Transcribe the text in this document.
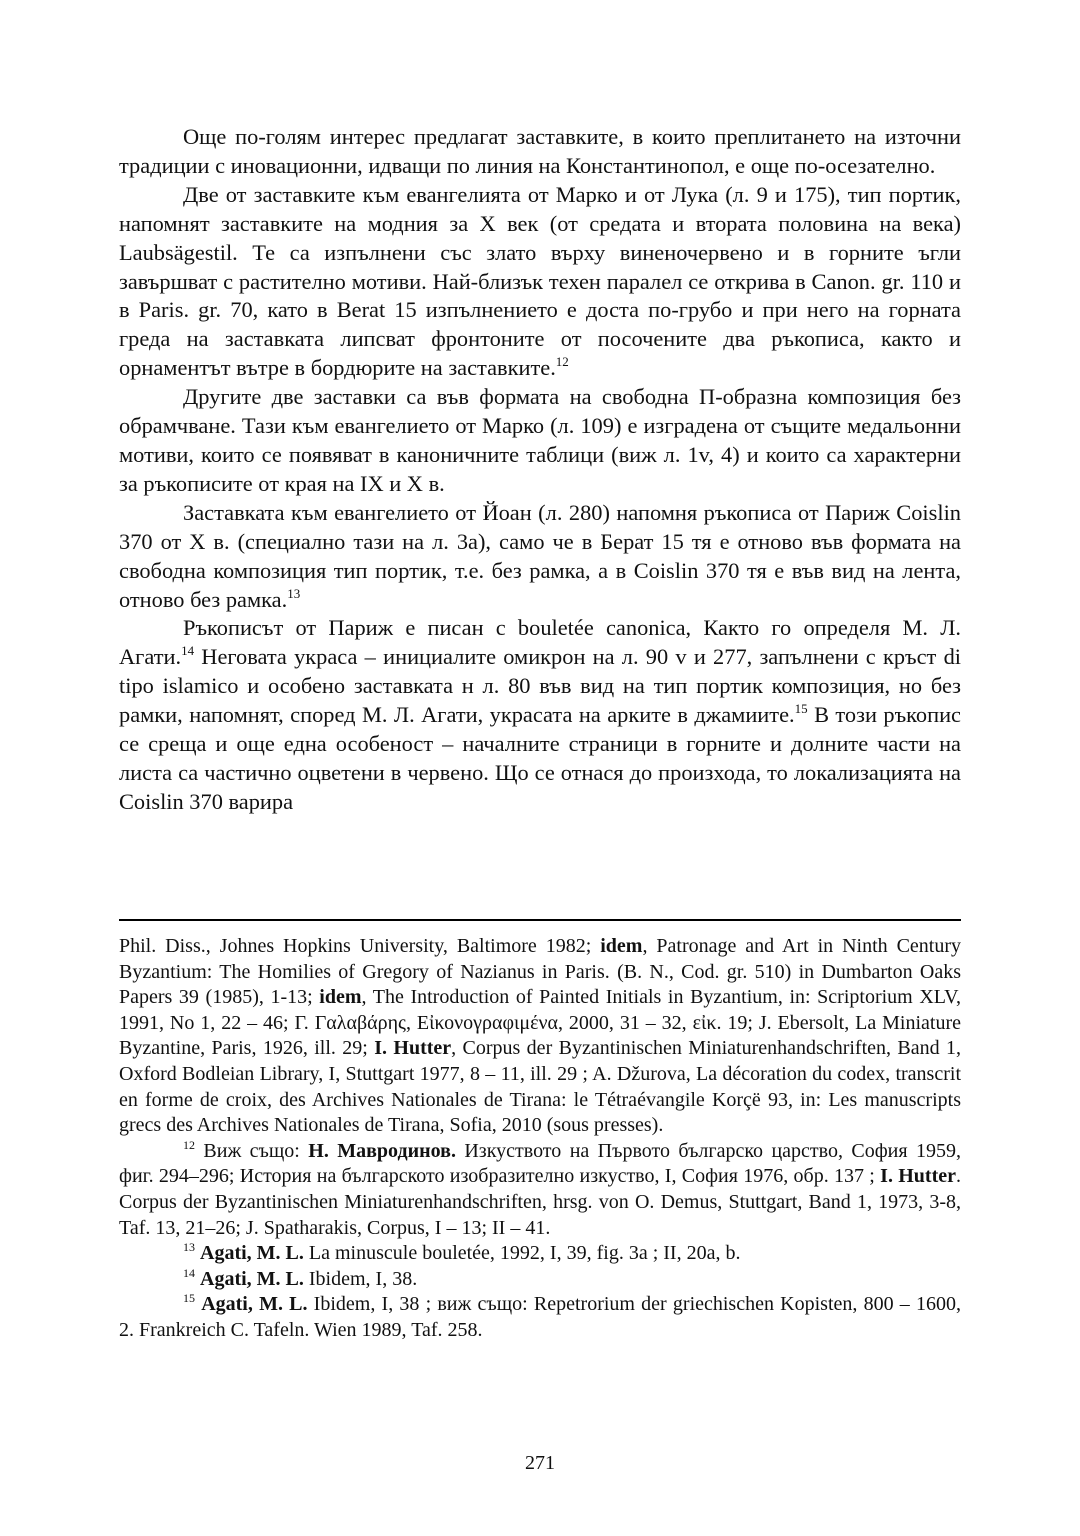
Още по-голям интерес предлагат заставките, в които преплитането на източни традиции с иновационни, идващи по линия на Константинопол, е още по-осезателно.

Две от заставките към евангелията от Марко и от Лука (л. 9 и 175), тип портик, напомнят заставките на модния за X век (от средата и втората половина на века) Laubsägestil. Те са изпълнени със злато върху виненочервено и в горните ъгли завършват с растително мотиви. Най-близък техен паралел се открива в Canon. gr. 110 и в Paris. gr. 70, като в Berat 15 изпълнението е доста по-грубо и при него на горната греда на заставката липсват фронтоните от посочените два ръкописа, както и орнаментът вътре в бордюрите на заставките.$^{12}$

Другите две заставки са във формата на свободна П-образна композиция без обрамчване. Тази към евангелието от Марко (л. 109) е изградена от същите медальонни мотиви, които се появяват в каноничните таблици (виж л. 1v, 4) и които са характерни за ръкописите от края на IX и X в.

Заставката към евангелието от Йоан (л. 280) напомня ръкописа от Париж Coislin 370 от X в. (специално тази на л. 3a), само че в Берат 15 тя е отново във формата на свободна композиция тип портик, т.е. без рамка, а в Coislin 370 тя е във вид на лента, отново без рамка.$^{13}$

Ръкописът от Париж е писан с bouletée canonica, Както го определя М. Л. Агати.$^{14}$ Неговата украса – инициалите омикрон на л. 90 v и 277, запълнени с кръст di tipo islamico и особено заставката н л. 80 във вид на тип портик композиция, но без рамки, напомнят, според М. Л. Агати, украсата на арките в джамиите.$^{15}$ В този ръкопис се среща и още една особеност – началните страници в горните и долните части на листа са частично оцветени в червено. Що се отнася до произхода, то локализацията на Coislin 370 варира

Phil. Diss., Johnes Hopkins University, Baltimore 1982; idem, Patronage and Art in Ninth Century Byzantium: The Homilies of Gregory of Nazianus in Paris. (B. N., Cod. gr. 510) in Dumbarton Oaks Papers 39 (1985), 1-13; idem, The Introduction of Painted Initials in Byzantium, in: Scriptorium XLV, 1991, No 1, 22 – 46; Г. Γαλαβάρης, Εἰκονογραφιμένα, 2000, 31 – 32, εἰκ. 19; J. Ebersolt, La Miniature Byzantine, Paris, 1926, ill. 29; I. Hutter, Corpus der Byzantinischen Miniaturenhandschriften, Band 1, Oxford Bodleian Library, I, Stuttgart 1977, 8 – 11, ill. 29 ; A. Džurova, La décoration du codex, transcrit en forme de croix, des Archives Nationales de Tirana: le Tétraévangile Korçë 93, in: Les manuscripts grecs des Archives Nationales de Tirana, Sofia, 2010 (sous presses).

$^{12}$ Виж също: Н. Мавродинов. Изкуството на Първото българско царство, София 1959, фиг. 294–296; История на българското изобразително изкуство, I, София 1976, обр. 137 ; I. Hutter. Corpus der Byzantinischen Miniaturenhandschriften, hrsg. von O. Demus, Stuttgart, Band 1, 1973, 3-8, Taf. 13, 21–26; J. Spatharakis, Corpus, I – 13; II – 41.

$^{13}$ Agati, M. L. La minuscule bouletée, 1992, I, 39, fig. 3a ; II, 20a, b.

$^{14}$ Agati, M. L. Ibidem, I, 38.

$^{15}$ Agati, M. L. Ibidem, I, 38 ; виж също: Repetrorium der griechischen Kopisten, 800 – 1600, 2. Frankreich C. Tafeln. Wien 1989, Taf. 258.

271
